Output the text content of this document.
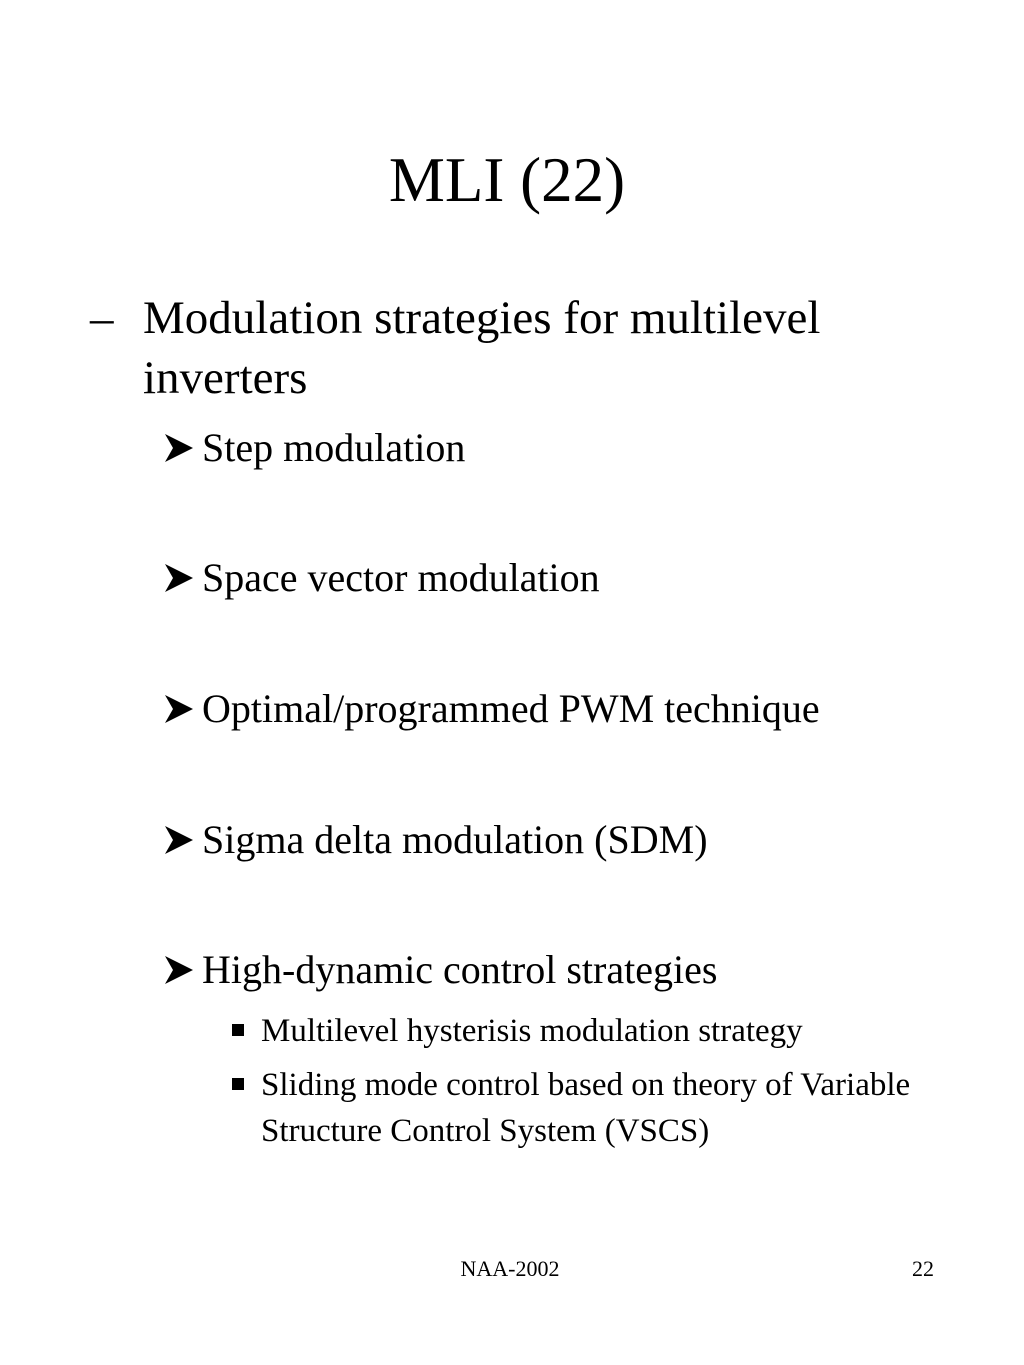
MLI (22)
– Modulation strategies for multilevel inverters
Step modulation
Space vector modulation
Optimal/programmed PWM technique
Sigma delta modulation (SDM)
High-dynamic control strategies
Multilevel hysterisis modulation strategy
Sliding mode control based on theory of Variable Structure Control System (VSCS)
NAA-2002	22
